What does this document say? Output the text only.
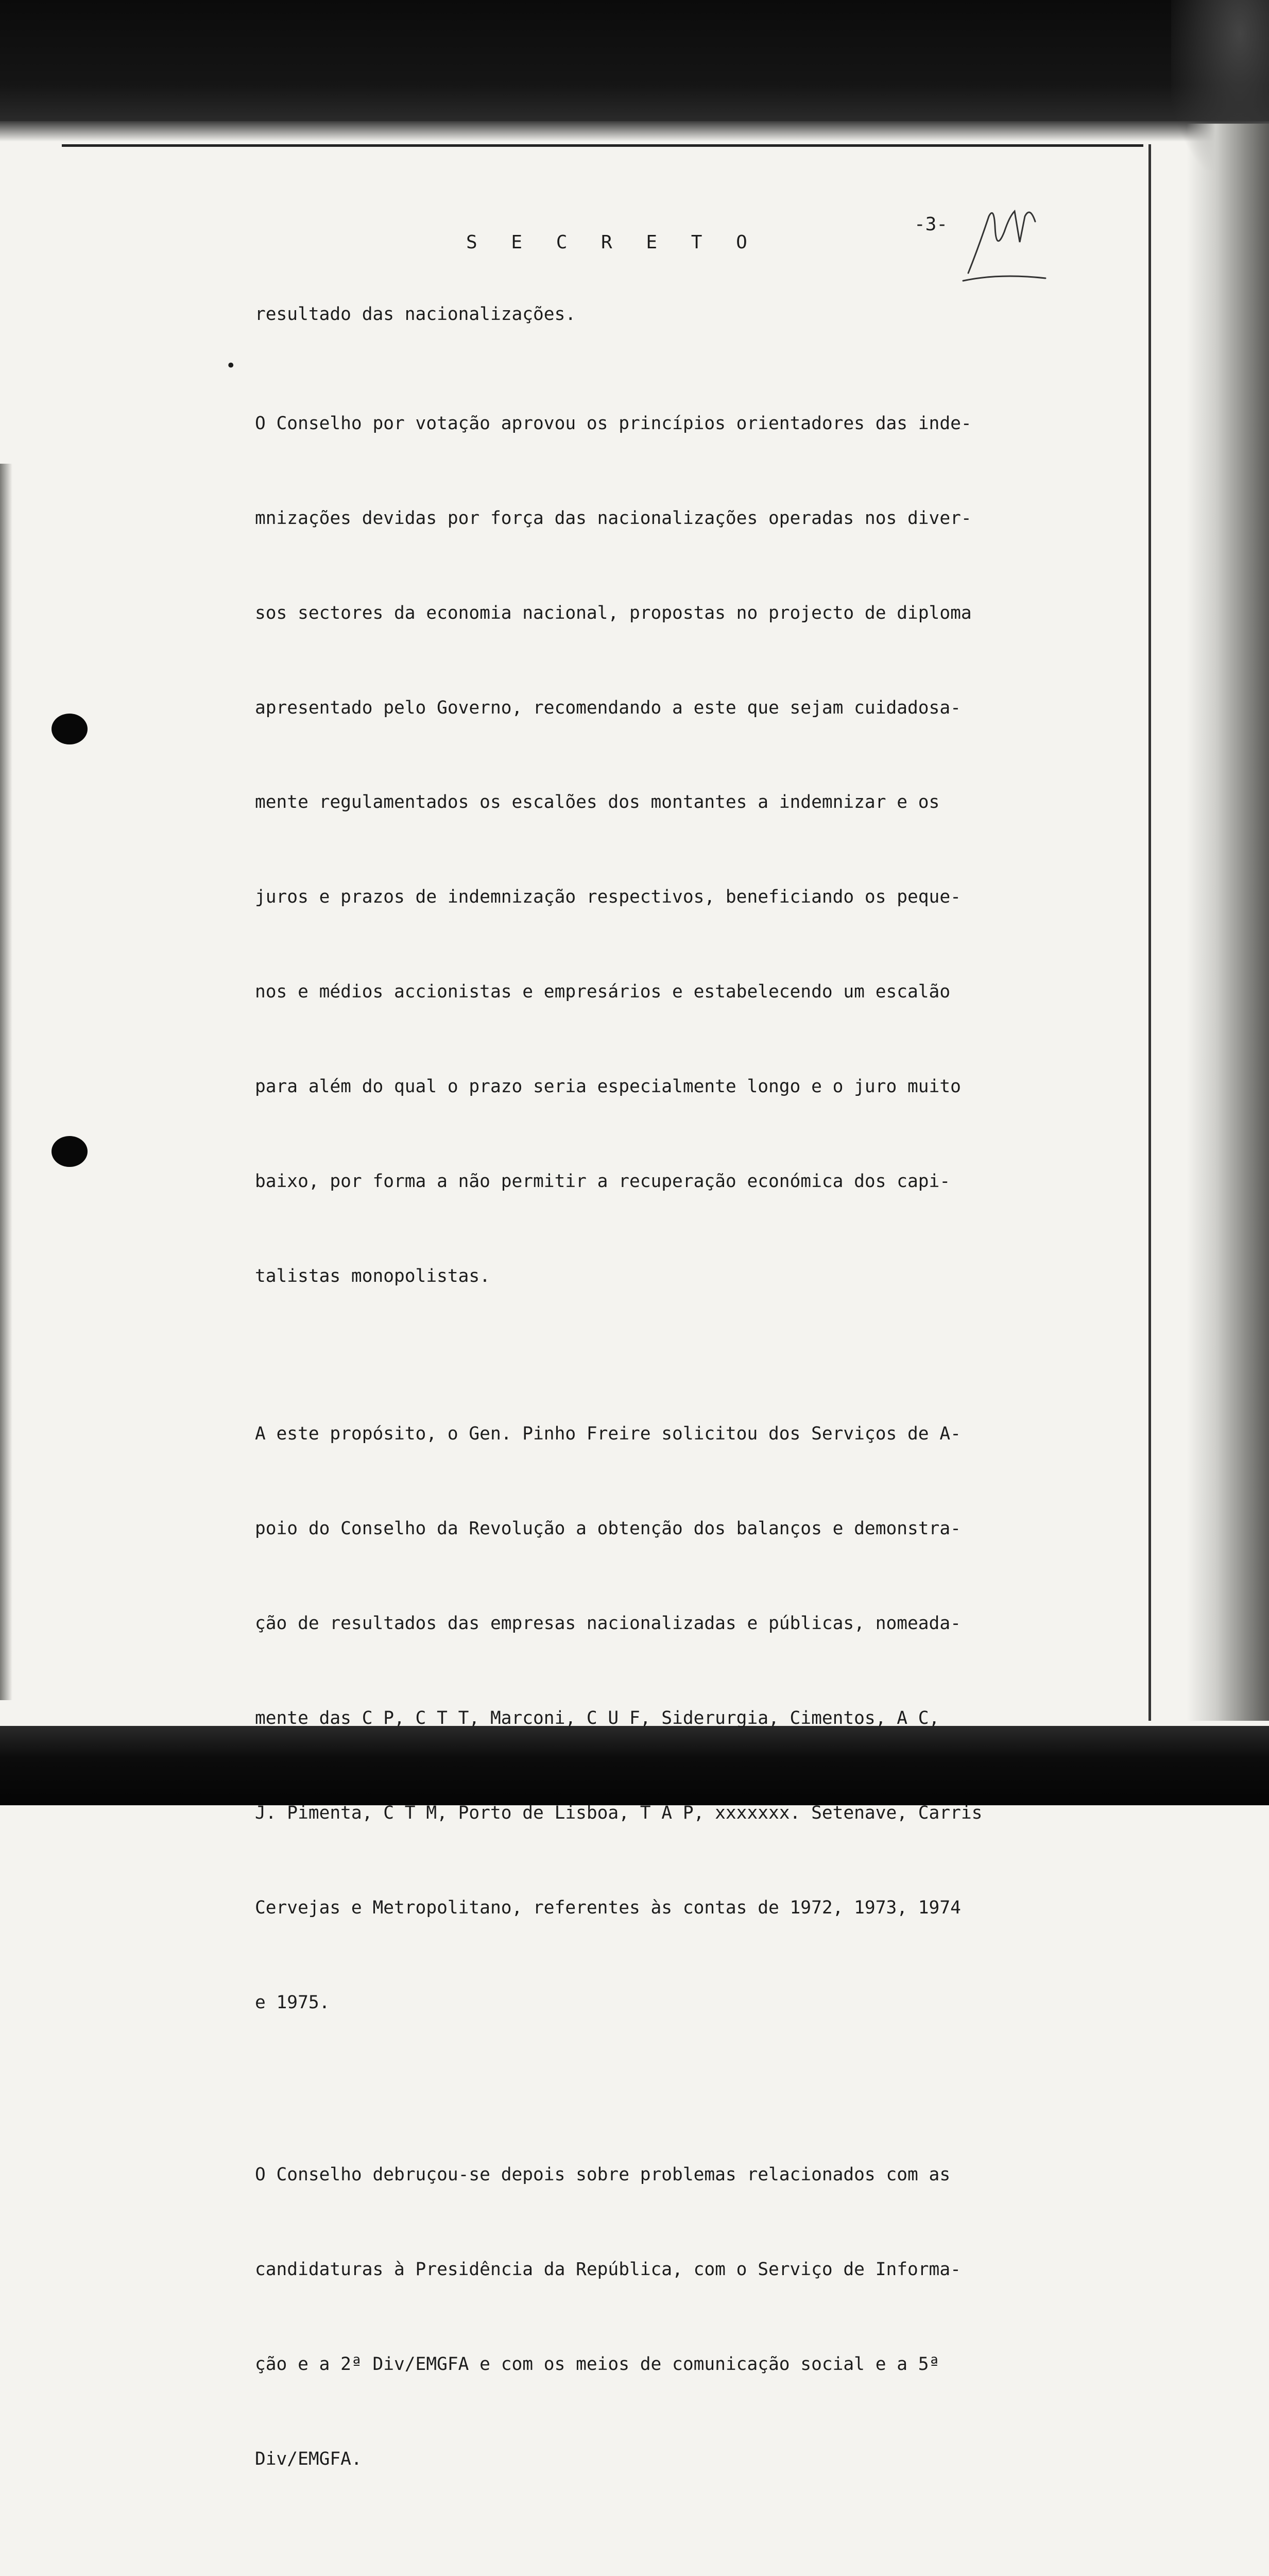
S E C R E T O
-3-
•
resultado das nacionalizações.

O Conselho por votação aprovou os princípios orientadores das inde-

mnizações devidas por força das nacionalizações operadas nos diver-

sos sectores da economia nacional, propostas no projecto de diploma

apresentado pelo Governo, recomendando a este que sejam cuidadosa-

mente regulamentados os escalões dos montantes a indemnizar e os

juros e prazos de indemnização respectivos, beneficiando os peque-

nos e médios accionistas e empresários e estabelecendo um escalão

para além do qual o prazo seria especialmente longo e o juro muito

baixo, por forma a não permitir a recuperação económica dos capi-

talistas monopolistas.

A este propósito, o Gen. Pinho Freire solicitou dos Serviços de A-

poio do Conselho da Revolução a obtenção dos balanços e demonstra-

ção de resultados das empresas nacionalizadas e públicas, nomeada-

mente das C P, C T T, Marconi, C U F, Siderurgia, Cimentos, A C,

J. Pimenta, C T M, Porto de Lisboa, T A P, xxxxxxx. Setenave, Carris

Cervejas e Metropolitano, referentes às contas de 1972, 1973, 1974

e 1975.

O Conselho debruçou-se depois sobre problemas relacionados com as

candidaturas à Presidência da República, com o Serviço de Informa-

ção e a 2ª Div/EMGFA e com os meios de comunicação social e a 5ª

Div/EMGFA.
